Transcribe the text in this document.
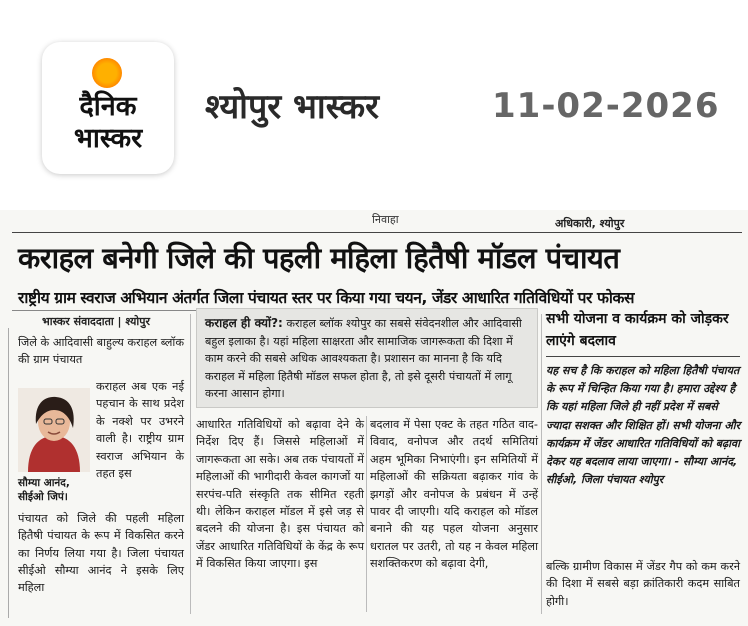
दैनिक
भास्कर
श्योपुर भास्कर	11-02-2026
निवाहा	अधिकारी, श्योपुर
कराहल बनेगी जिले की पहली महिला हितैषी मॉडल पंचायत
राष्ट्रीय ग्राम स्वराज अभियान अंतर्गत जिला पंचायत स्तर पर किया गया चयन, जेंडर आधारित गतिविधियों पर फोकस
भास्कर संवाददाता | श्योपुर

जिले के आदिवासी बाहुल्य कराहल ब्लॉक की ग्राम पंचायत

कराहल अब एक नई पहचान के साथ प्रदेश के नक्शे पर उभरने वाली है। राष्ट्रीय ग्राम स्वराज अभियान के तहत इस
सौम्या आनंद, सीईओ जिपं।
पंचायत को जिले की पहली महिला हितैषी पंचायत के रूप में विकसित करने का निर्णय लिया गया है। जिला पंचायत सीईओ सौम्या आनंद ने इसके लिए महिला
कराहल ही क्यों?: कराहल ब्लॉक श्योपुर का सबसे संवेदनशील और आदिवासी बहुल इलाका है। यहां महिला साक्षरता और सामाजिक जागरूकता की दिशा में काम करने की सबसे अधिक आवश्यकता है। प्रशासन का मानना है कि यदि कराहल में महिला हितैषी मॉडल सफल होता है, तो इसे दूसरी पंचायतों में लागू करना आसान होगा।
आधारित गतिविधियों को बढ़ावा देने के निर्देश दिए हैं। जिससे महिलाओं में जागरूकता आ सके। अब तक पंचायतों में महिलाओं की भागीदारी केवल कागजों या सरपंच-पति संस्कृति तक सीमित रहती थी। लेकिन कराहल मॉडल में इसे जड़ से बदलने की योजना है। इस पंचायत को जेंडर आधारित गतिविधियों के केंद्र के रूप में विकसित किया जाएगा। इस
बदलाव में पेसा एक्ट के तहत गठित वाद-विवाद, वनोपज और तदर्थ समितियां अहम भूमिका निभाएंगी। इन समितियों में महिलाओं की सक्रियता बढ़ाकर गांव के झगड़ों और वनोपज के प्रबंधन में उन्हें पावर दी जाएगी। यदि कराहल को मॉडल बनाने की यह पहल योजना अनुसार धरातल पर उतरी, तो यह न केवल महिला सशक्तिकरण को बढ़ावा देगी,
सभी योजना व कार्यक्रम को जोड़कर लाएंगे बदलाव
यह सच है कि कराहल को महिला हितैषी पंचायत के रूप में चिन्हित किया गया है। हमारा उद्देश्य है कि यहां महिला जिले ही नहीं प्रदेश में सबसे ज्यादा सशक्त और शिक्षित हों। सभी योजना और कार्यक्रम में जेंडर आधारित गतिविधियों को बढ़ावा देकर यह बदलाव लाया जाएगा। - सौम्या आनंद, सीईओ, जिला पंचायत श्योपुर
बल्कि ग्रामीण विकास में जेंडर गैप को कम करने की दिशा में सबसे बड़ा क्रांतिकारी कदम साबित होगी।
